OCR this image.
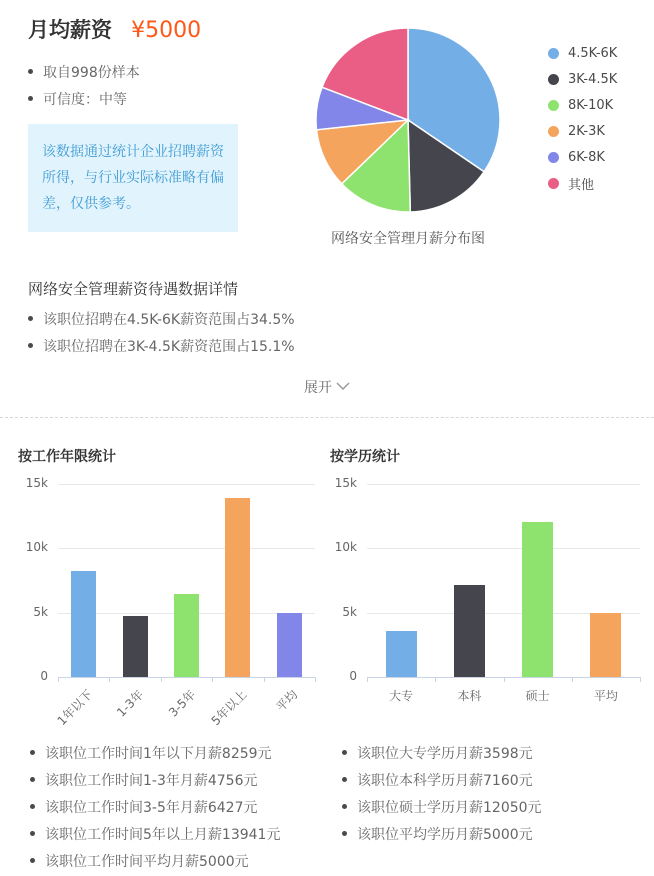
月均薪资 ¥5000
取自998份样本
可信度：中等
该数据通过统计企业招聘薪资所得，与行业实际标准略有偏差，仅供参考。
网络安全管理月薪分布图
4.5K-6K
3K-4.5K
8K-10K
2K-3K
6K-8K
其他
网络安全管理薪资待遇数据详情
该职位招聘在4.5K-6K薪资范围占34.5%
该职位招聘在3K-4.5K薪资范围占15.1%
展开
按工作年限统计
0
5k
10k
15k
1年以下	1-3年	3-5年 5年以上	平均
该职位工作时间1年以下月薪8259元
该职位工作时间1-3年月薪4756元
该职位工作时间3-5年月薪6427元
该职位工作时间5年以上月薪13941元
该职位工作时间平均月薪5000元
按学历统计
0
5k
10k
15k
大专	本科	硕士	平均
该职位大专学历月薪3598元
该职位本科学历月薪7160元
该职位硕士学历月薪12050元
该职位平均学历月薪5000元
